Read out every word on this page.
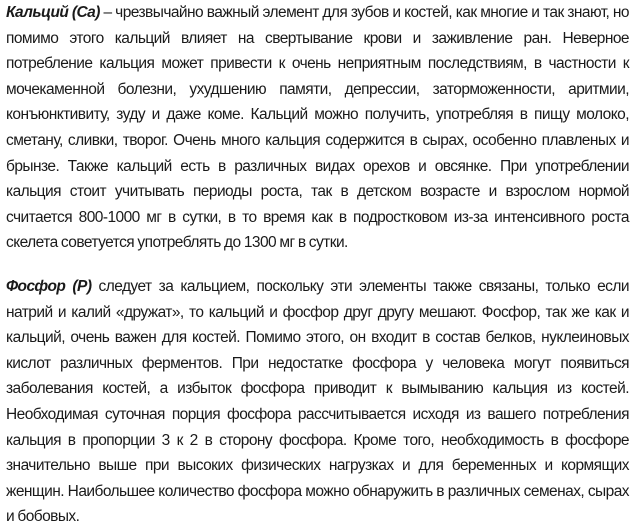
Кальций (Ca) – чрезвычайно важный элемент для зубов и костей, как многие и так знают, но помимо этого кальций влияет на свертывание крови и заживление ран. Неверное потребление кальция может привести к очень неприятным последствиям, в частности к мочекаменной болезни, ухудшению памяти, депрессии, заторможенности, аритмии, конъюнктивиту, зуду и даже коме. Кальций можно получить, употребляя в пищу молоко, сметану, сливки, творог. Очень много кальция содержится в сырах, особенно плавленых и брынзе. Также кальций есть в различных видах орехов и овсянке. При употреблении кальция стоит учитывать периоды роста, так в детском возрасте и взрослом нормой считается 800-1000 мг в сутки, в то время как в подростковом из-за интенсивного роста скелета советуется употреблять до 1300 мг в сутки.

Фосфор (Р) следует за кальцием, поскольку эти элементы также связаны, только если натрий и калий «дружат», то кальций и фосфор друг другу мешают. Фосфор, так же как и кальций, очень важен для костей. Помимо этого, он входит в состав белков, нуклеиновых кислот различных ферментов. При недостатке фосфора у человека могут появиться заболевания костей, а избыток фосфора приводит к вымыванию кальция из костей. Необходимая суточная порция фосфора рассчитывается исходя из вашего потребления кальция в пропорции 3 к 2 в сторону фосфора. Кроме того, необходимость в фосфоре значительно выше при высоких физических нагрузках и для беременных и кормящих женщин. Наибольшее количество фосфора можно обнаружить в различных семенах, сырах и бобовых.
